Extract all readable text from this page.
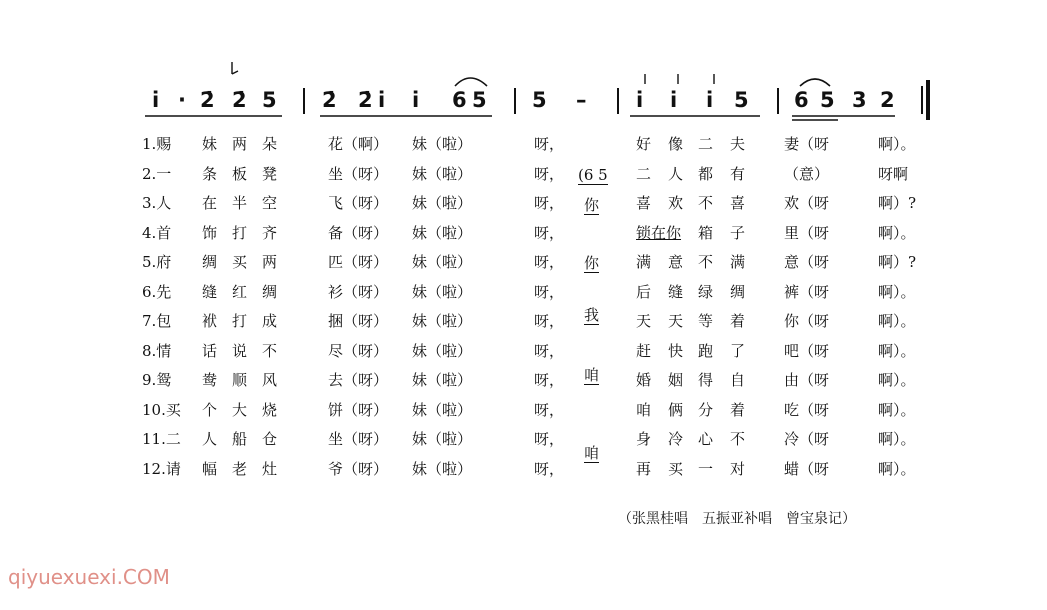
i · 2̇ 2̇ 5 2̇ 2̇ i i 6 5 5 – i i i 5 6 5 3 2
1.赐 妹 两 朵	花（啊） 妹（啦）	呀，	好 像 二 夫	妻（呀	啊）。
2.一 条 板 凳	坐（呀） 妹（啦）	呀，	二 人 都 有	（意）	呀啊
3.人 在 半 空	飞（呀） 妹（啦）	呀，	喜 欢 不 喜	欢（呀	啊）?
4.首 饰 打 齐	备（呀） 妹（啦）	呀，	锁在你 箱 子	里（呀	啊）。
5.府 绸 买 两	匹（呀） 妹（啦）	呀，	满 意 不 满	意（呀	啊）?
6.先 缝 红 绸	衫（呀） 妹（啦）	呀，	后 缝 绿 绸	裤（呀	啊）。
7.包 袱 打 成	捆（呀） 妹（啦）	呀，	天 天 等 着	你（呀	啊）。
8.情 话 说 不	尽（呀） 妹（啦）	呀，	赶 快 跑 了	吧（呀	啊）。
9.鸳 鸯 顺 风	去（呀） 妹（啦）	呀，	婚 姻 得 自	由（呀	啊）。
10.买 个 大 烧	饼（呀） 妹（啦）	呀，	咱 俩 分 着	吃（呀	啊）。
11.二 人 船 仓	坐（呀） 妹（啦）	呀，	身 冷 心 不	冷（呀	啊）。
12.请 幅 老 灶	爷（呀） 妹（啦）	呀，	再 买 一 对	蜡（呀	啊）。
(6 5
你
你
我
咱
咱
（张黑桂唱　五振亚补唱　曾宝泉记）
qiyuexuexi.COM
